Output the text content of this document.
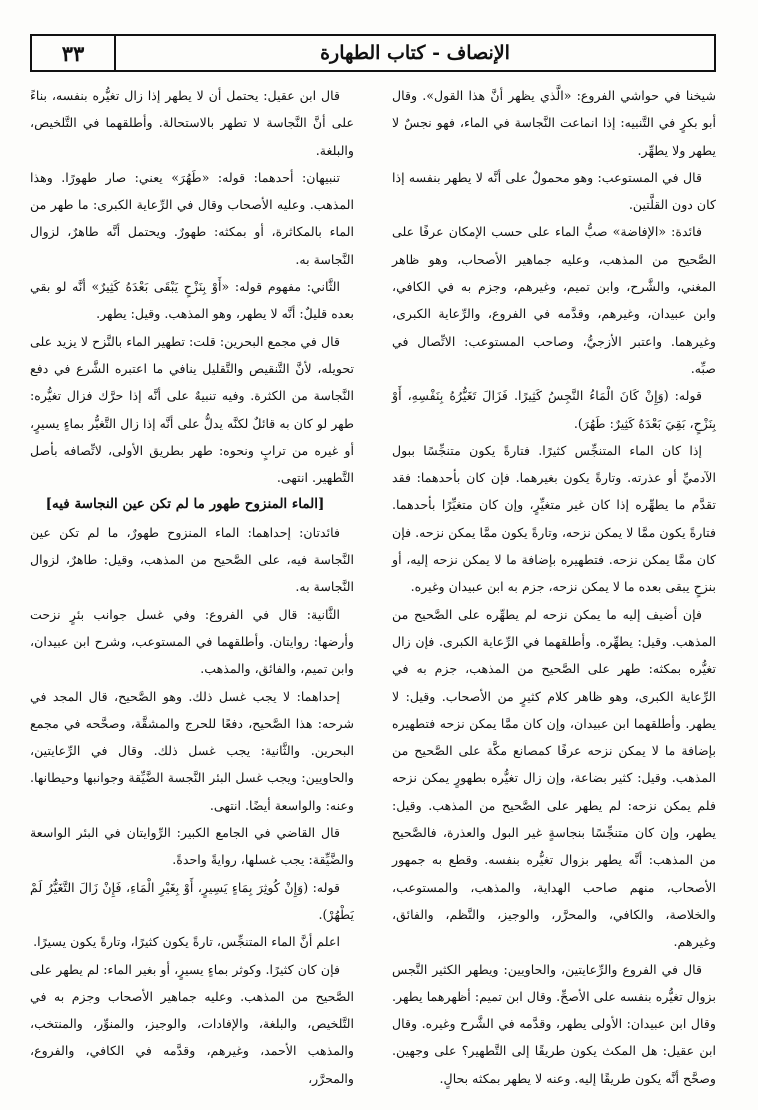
٣٣	الإنصاف - كتاب الطهارة

شيخنا في حواشي الفروع: «الَّذي يظهر أنَّ هذا القول». وقال أبو بكرٍ في التَّنبيه: إذا انماعت النَّجاسة في الماء، فهو نجسٌ لا يطهر ولا يطهِّر.

قال في المستوعب: وهو محمولٌ على أنَّه لا يطهر بنفسه إذا كان دون القلَّتين.

فائدة: «الإفاضة» صبُّ الماء على حسب الإمكان عرفًا على الصَّحيح من المذهب، وعليه جماهير الأصحاب، وهو ظاهر المغني، والشَّرح، وابن تميم، وغيرهم، وجزم به في الكافي، وابن عبيدان، وغيرهم، وقدَّمه في الفروع، والرِّعاية الكبرى، وغيرهما. واعتبر الأزجيُّ، وصاحب المستوعب: الاتِّصال في صبِّه.

قوله: (وَإِنْ كَانَ الْمَاءُ النَّجِسُ كَثِيرًا. فَزَالَ تَغَيُّرُهُ بِنَفْسِهِ، أَوْ بِنَزْحٍ، بَقِيَ بَعْدَهُ كَثِيرٌ: طَهُرَ).

إذا كان الماء المتنجِّس كثيرًا. فتارةً يكون متنجِّسًا ببول الآدميِّ أو عذرته. وتارةً يكون بغيرهما. فإن كان بأحدهما: فقد تقدَّم ما يطهِّره إذا كان غير متغيِّرٍ، وإن كان متغيِّرًا بأحدهما. فتارةً يكون ممَّا لا يمكن نزحه، وتارةً يكون ممَّا يمكن نزحه. فإن كان ممَّا يمكن نزحه. فتطهيره بإضافة ما لا يمكن نزحه إليه، أو بنزحٍ يبقى بعده ما لا يمكن نزحه، جزم به ابن عبيدان وغيره.

فإن أضيف إليه ما يمكن نزحه لم يطهِّره على الصَّحيح من المذهب. وقيل: يطهِّره. وأطلقهما في الرِّعاية الكبرى. فإن زال تغيُّره بمكثه: طهر على الصَّحيح من المذهب، جزم به في الرِّعاية الكبرى، وهو ظاهر كلام كثيرٍ من الأصحاب. وقيل: لا يطهر. وأطلقهما ابن عبيدان، وإن كان ممَّا يمكن نزحه فتطهيره بإضافة ما لا يمكن نزحه عرفًا كمصانع مكَّة على الصَّحيح من المذهب. وقيل: كثير بضاعة، وإن زال تغيُّره بطهورٍ يمكن نزحه فلم يمكن نزحه: لم يطهر على الصَّحيح من المذهب. وقيل: يطهر، وإن كان متنجِّسًا بنجاسةٍ غير البول والعذرة، فالصَّحيح من المذهب: أنَّه يطهر بزوال تغيُّره بنفسه. وقطع به جمهور الأصحاب، منهم صاحب الهداية، والمذهب، والمستوعب، والخلاصة، والكافي، والمحرَّر، والوجيز، والنَّظم، والفائق، وغيرهم.

قال في الفروع والرِّعايتين، والحاويين: ويطهر الكثير النَّجس بزوال تغيُّره بنفسه على الأصحِّ. وقال ابن تميم: أظهرهما يطهر. وقال ابن عبيدان: الأولى يطهر، وقدَّمه في الشَّرح وغيره. وقال ابن عقيل: هل المكث يكون طريقًا إلى التَّطهير؟ على وجهين. وصحَّح أنَّه يكون طريقًا إليه. وعنه لا يطهر بمكثه بحالٍ.

قال ابن عقيل: يحتمل أن لا يطهر إذا زال تغيُّره بنفسه، بناءً على أنَّ النَّجاسة لا تطهر بالاستحالة. وأطلقهما في التَّلخيص، والبلغة.

تنبيهان: أحدهما: قوله: «طَهُرَ» يعني: صار طهورًا. وهذا المذهب. وعليه الأصحاب وقال في الرِّعاية الكبرى: ما طهر من الماء بالمكاثرة، أو بمكثه: طهورٌ. ويحتمل أنَّه طاهرٌ، لزوال النَّجاسة به.

الثَّاني: مفهوم قوله: «أَوْ بِنَزْحٍ يَبْقَى بَعْدَهُ كَثِيرٌ» أنَّه لو بقي بعده قليلٌ: أنَّه لا يطهر، وهو المذهب. وقيل: يطهر.

قال في مجمع البحرين: قلت: تطهير الماء بالنَّزح لا يزيد على تحويله، لأنَّ التَّنقيص والتَّقليل ينافي ما اعتبره الشَّرع في دفع النَّجاسة من الكثرة. وفيه تنبيهٌ على أنَّه إذا حرَّك فزال تغيُّره: طهر لو كان به قائلٌ لكنَّه يدلُّ على أنَّه إذا زال التَّغيُّر بماءٍ يسيرٍ، أو غيره من ترابٍ ونحوه: طهر بطريق الأولى، لاتِّصافه بأصل التَّطهير. انتهى.

[الماء المنزوح طهور ما لم تكن عين النجاسة فيه]

فائدتان: إحداهما: الماء المنزوح طهورٌ، ما لم تكن عين النَّجاسة فيه، على الصَّحيح من المذهب، وقيل: طاهرٌ، لزوال النَّجاسة به.

الثَّانية: قال في الفروع: وفي غسل جوانب بئرٍ نزحت وأرضها: روايتان. وأطلقهما في المستوعب، وشرح ابن عبيدان، وابن تميم، والفائق، والمذهب.

إحداهما: لا يجب غسل ذلك. وهو الصَّحيح، قال المجد في شرحه: هذا الصَّحيح، دفعًا للحرج والمشقَّة، وصحَّحه في مجمع البحرين. والثَّانية: يجب غسل ذلك. وقال في الرِّعايتين، والحاويين: ويجب غسل البئر النَّجسة الضَّيِّقة وجوانبها وحيطانها. وعنه: والواسعة أيضًا. انتهى.

قال القاضي في الجامع الكبير: الرِّوايتان في البئر الواسعة والضَّيِّقة: يجب غسلها، روايةً واحدةً.

قوله: (وَإِنْ كُوثِرَ بِمَاءٍ يَسِيرٍ، أَوْ بِغَيْرِ الْمَاءِ، فَإِنْ زَالَ التَّغَيُّرُ لَمْ يَطْهُرْ).

اعلم أنَّ الماء المتنجِّس، تارةً يكون كثيرًا، وتارةً يكون يسيرًا.

فإن كان كثيرًا. وكوثر بماءٍ يسيرٍ، أو بغير الماء: لم يطهر على الصَّحيح من المذهب. وعليه جماهير الأصحاب وجزم به في التَّلخيص، والبلغة، والإفادات، والوجيز، والمنوِّر، والمنتخب، والمذهب الأحمد، وغيرهم، وقدَّمه في الكافي، والفروع، والمحرَّر،
